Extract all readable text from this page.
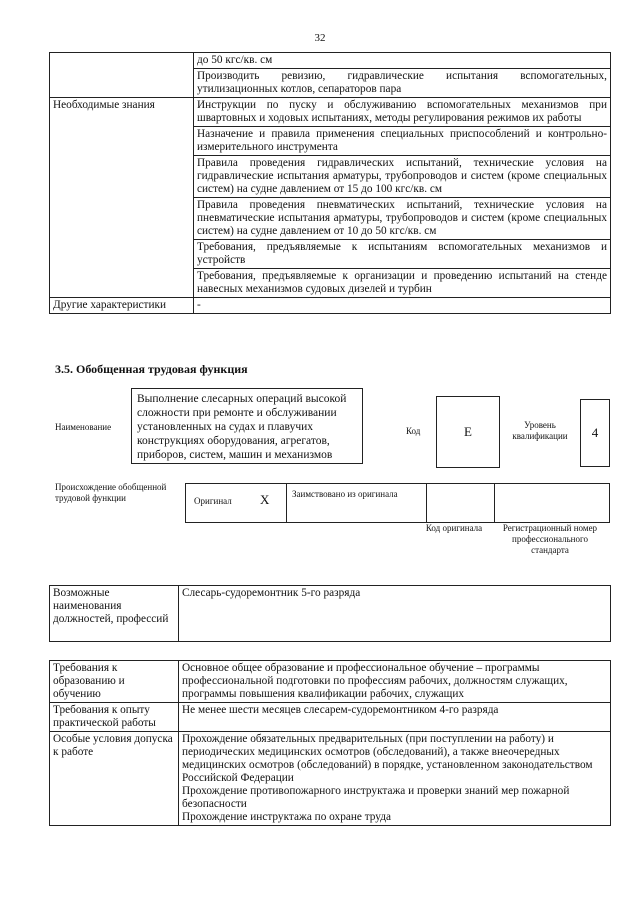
32
	до 50 кгс/кв. см
	Производить ревизию, гидравлические испытания вспомогательных, утилизационных котлов, сепараторов пара
Необходимые знания	Инструкции по пуску и обслуживанию вспомогательных механизмов при швартовных и ходовых испытаниях, методы регулирования режимов их работы
	Назначение и правила применения специальных приспособлений и контрольно-измерительного инструмента
	Правила проведения гидравлических испытаний, технические условия на гидравлические испытания арматуры, трубопроводов и систем (кроме специальных систем) на судне давлением от 15 до 100 кгс/кв. см
	Правила проведения пневматических испытаний, технические условия на пневматические испытания арматуры, трубопроводов и систем (кроме специальных систем) на судне давлением от 10 до 50 кгс/кв. см
	Требования, предъявляемые к испытаниям вспомогательных механизмов и устройств
	Требования, предъявляемые к организации и проведению испытаний на стенде навесных механизмов судовых дизелей и турбин
Другие характеристики	-
3.5. Обобщенная трудовая функция
Наименование
Выполнение слесарных операций высокой сложности при ремонте и обслуживании установленных на судах и плавучих конструкциях оборудования, агрегатов, приборов, систем, машин и механизмов
Код	E	Уровень квалификации	4
Происхождение обобщенной трудовой функции	Оригинал X	Заимствовано из оригинала
Код оригинала	Регистрационный номер профессионального стандарта
Возможные наименования должностей, профессий	Слесарь-судоремонтник 5-го разряда
Требования к образованию и обучению	Основное общее образование и профессиональное обучение – программы профессиональной подготовки по профессиям рабочих, должностям служащих, программы повышения квалификации рабочих, служащих
Требования к опыту практической работы	Не менее шести месяцев слесарем-судоремонтником 4-го разряда
Особые условия допуска к работе	Прохождение обязательных предварительных (при поступлении на работу) и периодических медицинских осмотров (обследований), а также внеочередных медицинских осмотров (обследований) в порядке, установленном законодательством Российской Федерации
Прохождение противопожарного инструктажа и проверки знаний мер пожарной безопасности
Прохождение инструктажа по охране труда
